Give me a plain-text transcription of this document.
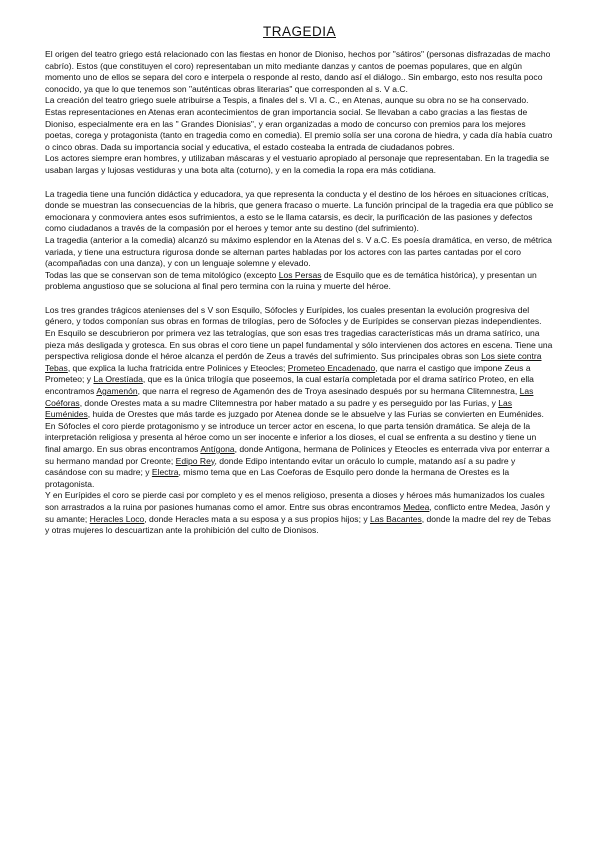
TRAGEDIA

El origen del teatro griego está relacionado con las fiestas en honor de Dioniso, hechos por "sátiros" (personas disfrazadas de macho cabrío). Estos (que constituyen el coro) representaban un mito mediante danzas y cantos de poemas populares, que en algún momento uno de ellos se separa del coro e interpela o responde al resto, dando así el diálogo.. Sin embargo, esto nos resulta poco conocido, ya que lo que tenemos son "auténticas obras literarias" que corresponden al s. V a.C.

La creación del teatro griego suele atribuirse a Tespis, a finales del s. VI a. C., en Atenas, aunque su obra no se ha conservado.

Estas representaciones en Atenas eran acontecimientos de gran importancia social. Se llevaban a cabo gracias a las fiestas de Dioniso, especialmente era en las " Grandes Dionisias", y eran organizadas a modo de concurso con premios para los mejores poetas, corega y protagonista (tanto en tragedia como en comedia). El premio solía ser una corona de hiedra, y cada día había cuatro o cinco obras. Dada su importancia social y educativa, el estado costeaba la entrada de ciudadanos pobres.

Los actores siempre eran hombres, y utilizaban máscaras y el vestuario apropiado al personaje que representaban. En la tragedia se usaban largas y lujosas vestiduras y una bota alta (coturno), y en la comedia la ropa era más cotidiana.

La tragedia tiene una función didáctica y educadora, ya que representa la conducta y el destino de los héroes en situaciones críticas, donde se muestran las consecuencias de la hibris, que genera fracaso o muerte. La función principal de la tragedia era que público se emocionara y conmoviera antes esos sufrimientos, a esto se le llama catarsis, es decir, la purificación de las pasiones y defectos como ciudadanos a través de la compasión por el heroes y temor ante su destino (del sufrimiento).

La tragedia (anterior a la comedia) alcanzó su máximo esplendor en la Atenas del s. V a.C. Es poesía dramática, en verso, de métrica variada, y tiene una estructura rigurosa donde se alternan partes habladas por los actores con las partes cantadas por el coro (acompañadas con una danza), y con un lenguaje solemne y elevado.

Todas las que se conservan son de tema mitológico (excepto Los Persas de Esquilo que es de temática histórica), y presentan un problema angustioso que se soluciona al final pero termina con la ruina y muerte del héroe.

Los tres grandes trágicos atenienses del s V son Esquilo, Sófocles y Eurípides, los cuales presentan la evolución progresiva del género, y todos componían sus obras en formas de trilogías, pero de Sófocles y de Eurípides se conservan piezas independientes.

En Esquilo se descubrieron por primera vez las tetralogías, que son esas tres tragedias características más un drama satírico, una pieza más desligada y grotesca. En sus obras el coro tiene un papel fundamental y sólo intervienen dos actores en escena. Tiene una perspectiva religiosa donde el héroe alcanza el perdón de Zeus a través del sufrimiento. Sus principales obras son Los siete contra Tebas, que explica la lucha fratricida entre Polinices y Eteocles; Prometeo Encadenado, que narra el castigo que impone Zeus a Prometeo; y La Orestíada, que es la única trilogía que poseemos, la cual estaría completada por el drama satírico Proteo, en ella encontramos Agamenón, que narra el regreso de Agamenón des de Troya asesinado después por su hermana Clitemnestra, Las Coéforas, donde Orestes mata a su madre Clitemnestra por haber matado a su padre y es perseguido por las Furias, y Las Euménides, huida de Orestes que más tarde es juzgado por Atenea donde se le absuelve y las Furias se convierten en Euménides.

En Sófocles el coro pierde protagonismo y se introduce un tercer actor en escena, lo que parta tensión dramática. Se aleja de la interpretación religiosa y presenta al héroe como un ser inocente e inferior a los dioses, el cual se enfrenta a su destino y tiene un final amargo. En sus obras encontramos Antígona, donde Antigona, hermana de Polinices y Eteocles es enterrada viva por enterrar a su hermano mandad por Creonte; Edipo Rey, donde Edipo intentando evitar un oráculo lo cumple, matando así a su padre y casándose con su madre; y Electra, mismo tema que en Las Coeforas de Esquilo pero donde la hermana de Orestes es la protagonista.

Y en Eurípides el coro se pierde casi por completo y es el menos religioso, presenta a dioses y héroes más humanizados los cuales son arrastrados a la ruina por pasiones humanas como el amor. Entre sus obras encontramos Medea, conflicto entre Medea, Jasón y su amante; Heracles Loco, donde Heracles mata a su esposa y a sus propios hijos; y Las Bacantes, donde la madre del rey de Tebas y otras mujeres lo descuartizan ante la prohibición del culto de Dionisos.
